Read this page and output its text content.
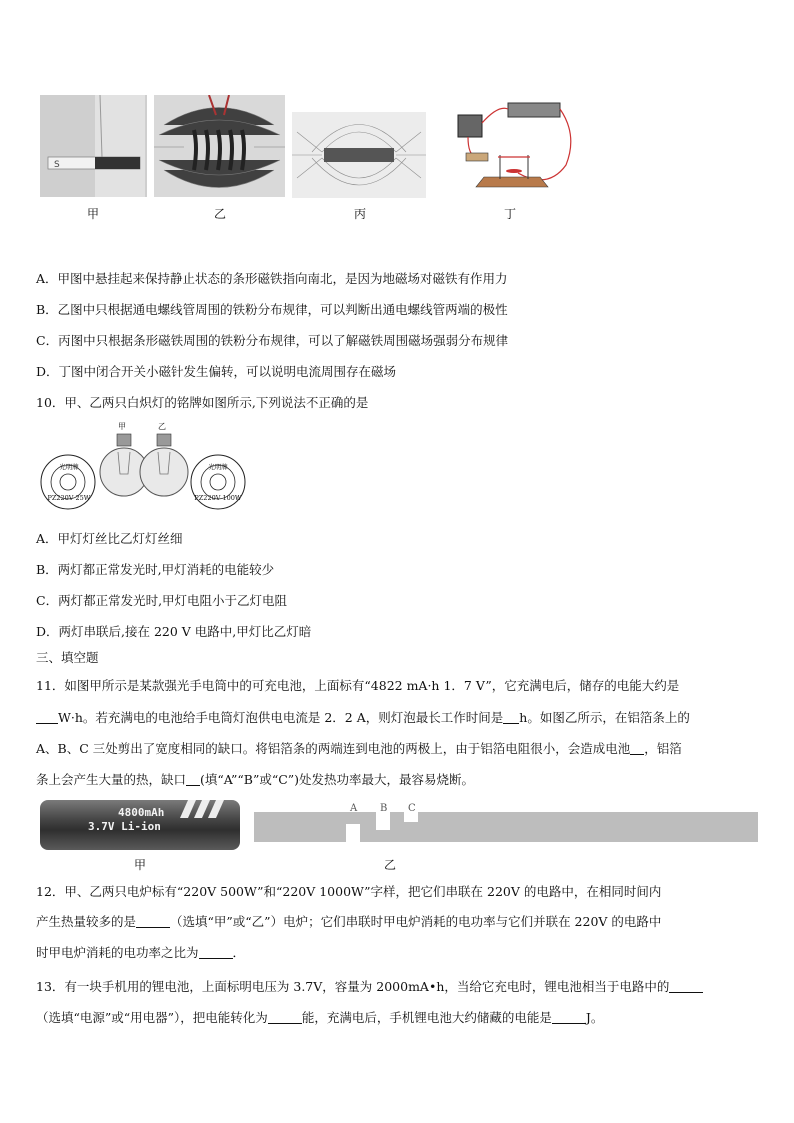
S
甲	乙	丙	丁
A．甲图中悬挂起来保持静止状态的条形磁铁指向南北，是因为地磁场对磁铁有作用力
B．乙图中只根据通电螺线管周围的铁粉分布规律，可以判断出通电螺线管两端的极性
C．丙图中只根据条形磁铁周围的铁粉分布规律，可以了解磁铁周围磁场强弱分布规律
D．丁图中闭合开关小磁针发生偏转，可以说明电流周围存在磁场
10．甲、乙两只白炽灯的铭牌如图所示,下列说法不正确的是
甲	乙
光明牌
PZ220V 25W
光明牌
PZ220V 100W
A．甲灯灯丝比乙灯灯丝细
B．两灯都正常发光时,甲灯消耗的电能较少
C．两灯都正常发光时,甲灯电阻小于乙灯电阻
D．两灯串联后,接在 220 V 电路中,甲灯比乙灯暗
三、填空题
11．如图甲所示是某款强光手电筒中的可充电池，上面标有“4822 mA·h 1．7 V”，它充满电后，储存的电能大约是
W·h。若充满电的电池给手电筒灯泡供电电流是 2．2 A，则灯泡最长工作时间是 h。如图乙所示，在铝箔条上的
A、B、C 三处剪出了宽度相同的缺口。将铝箔条的两端连到电池的两极上，由于铝箔电阻很小，会造成电池 ，铝箔
条上会产生大量的热，缺口 (填“A”“B”或“C”)处发热功率最大，最容易烧断。
4800mAh
3.7V Li-ion
A B C
甲	乙
12．甲、乙两只电炉标有“220V 500W”和“220V 1000W”字样，把它们串联在 220V 的电路中，在相同时间内
产生热量较多的是	（选填“甲”或“乙”）电炉；它们串联时甲电炉消耗的电功率与它们并联在 220V 的电路中
时甲电炉消耗的电功率之比为	．
13．有一块手机用的锂电池，上面标明电压为 3.7V，容量为 2000mA•h，当给它充电时，锂电池相当于电路中的
（选填“电源”或“用电器”），把电能转化为	能，充满电后，手机锂电池大约储藏的电能是	J。
